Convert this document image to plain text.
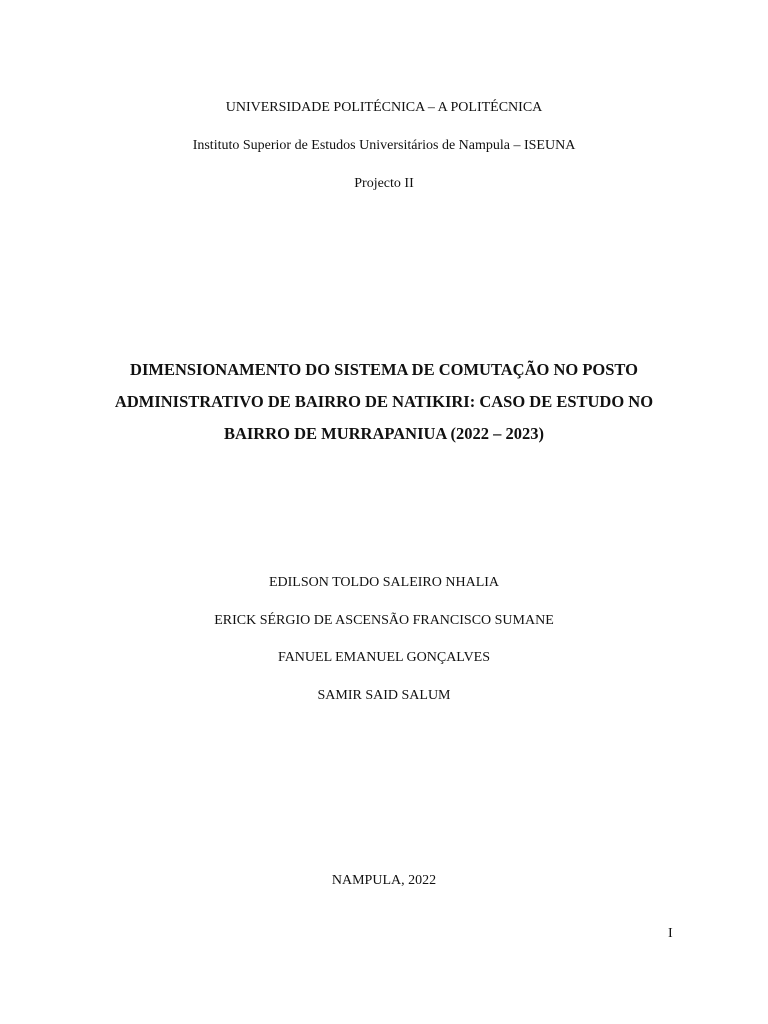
UNIVERSIDADE POLITÉCNICA – A POLITÉCNICA
Instituto Superior de Estudos Universitários de Nampula – ISEUNA
Projecto II
DIMENSIONAMENTO DO SISTEMA DE COMUTAÇÃO NO POSTO
ADMINISTRATIVO DE BAIRRO DE NATIKIRI: CASO DE ESTUDO NO
BAIRRO DE MURRAPANIUA (2022 – 2023)
EDILSON TOLDO SALEIRO NHALIA
ERICK SÉRGIO DE ASCENSÃO FRANCISCO SUMANE
FANUEL EMANUEL GONÇALVES
SAMIR SAID SALUM
NAMPULA, 2022
I
